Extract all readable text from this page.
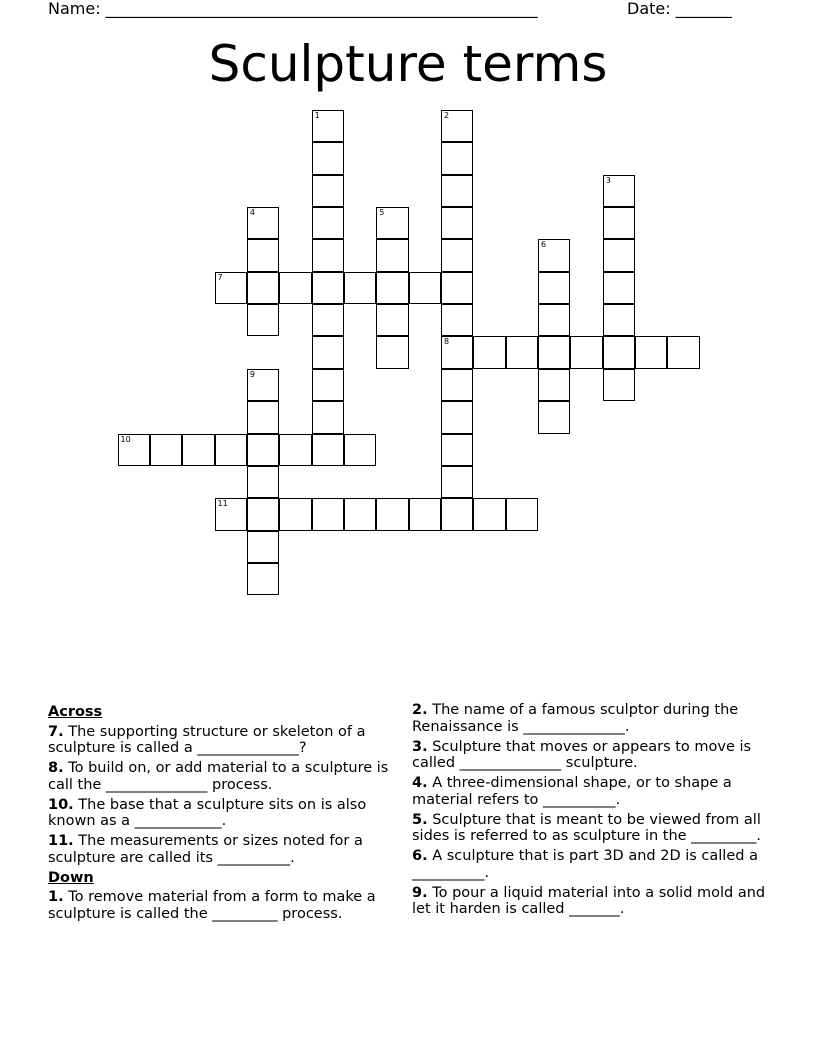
Name: ______________________________________________________	Date: _______
Sculpture terms
1	2
8
3
4	5
6
7
9
10
11
Across
7. The supporting structure or skeleton of a sculpture is called a ______________?
8. To build on, or add material to a sculpture is call the ______________ process.
10. The base that a sculpture sits on is also known as a ____________.
11. The measurements or sizes noted for a sculpture are called its __________.
Down
1. To remove material from a form to make a sculpture is called the _________ process.
2. The name of a famous sculptor during the Renaissance is ______________.
3. Sculpture that moves or appears to move is called ______________ sculpture.
4. A three-dimensional shape, or to shape a material refers to __________.
5. Sculpture that is meant to be viewed from all sides is referred to as sculpture in the _________.
6. A sculpture that is part 3D and 2D is called a __________.
9. To pour a liquid material into a solid mold and let it harden is called _______.
